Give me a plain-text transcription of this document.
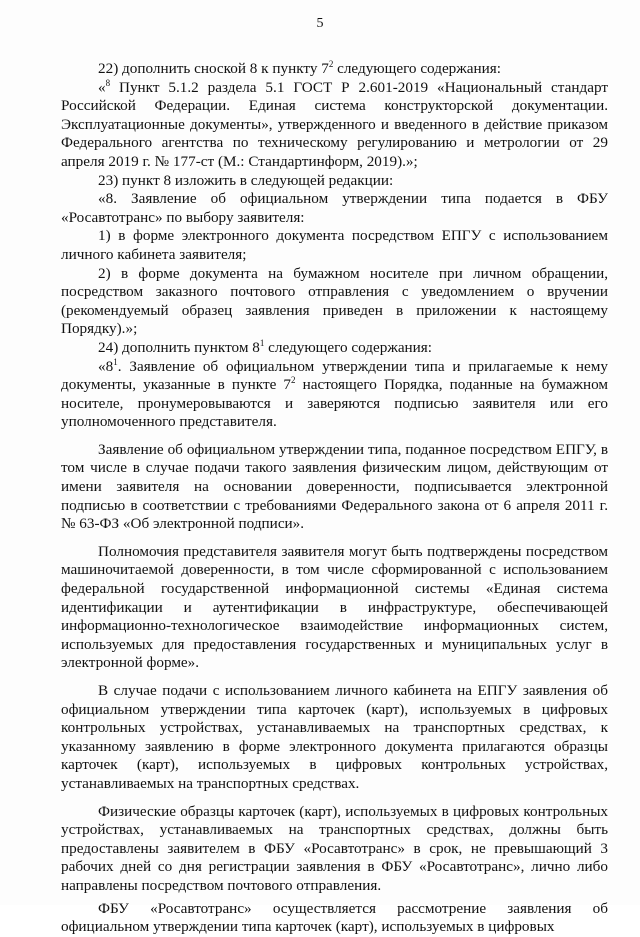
5

22) дополнить сноской 8 к пункту $7^2$ следующего содержания:

«$^8$ Пункт 5.1.2 раздела 5.1 ГОСТ Р 2.601-2019 «Национальный стандарт Российской Федерации. Единая система конструкторской документации. Эксплуатационные документы», утвержденного и введенного в действие приказом Федерального агентства по техническому регулированию и метрологии от 29 апреля 2019 г. № 177-ст (М.: Стандартинформ, 2019).»;

23) пункт 8 изложить в следующей редакции:

«8. Заявление об официальном утверждении типа подается в ФБУ «Росавтотранс» по выбору заявителя:

1) в форме электронного документа посредством ЕПГУ с использованием личного кабинета заявителя;

2) в форме документа на бумажном носителе при личном обращении, посредством заказного почтового отправления с уведомлением о вручении (рекомендуемый образец заявления приведен в приложении к настоящему Порядку).»;

24) дополнить пунктом $8^1$ следующего содержания:

«$8^1$. Заявление об официальном утверждении типа и прилагаемые к нему документы, указанные в пункте $7^2$ настоящего Порядка, поданные на бумажном носителе, пронумеровываются и заверяются подписью заявителя или его уполномоченного представителя.

Заявление об официальном утверждении типа, поданное посредством ЕПГУ, в том числе в случае подачи такого заявления физическим лицом, действующим от имени заявителя на основании доверенности, подписывается электронной подписью в соответствии с требованиями Федерального закона от 6 апреля 2011 г. № 63-ФЗ «Об электронной подписи».

Полномочия представителя заявителя могут быть подтверждены посредством машиночитаемой доверенности, в том числе сформированной с использованием федеральной государственной информационной системы «Единая система идентификации и аутентификации в инфраструктуре, обеспечивающей информационно-технологическое взаимодействие информационных систем, используемых для предоставления государственных и муниципальных услуг в электронной форме».

В случае подачи с использованием личного кабинета на ЕПГУ заявления об официальном утверждении типа карточек (карт), используемых в цифровых контрольных устройствах, устанавливаемых на транспортных средствах, к указанному заявлению в форме электронного документа прилагаются образцы карточек (карт), используемых в цифровых контрольных устройствах, устанавливаемых на транспортных средствах.

Физические образцы карточек (карт), используемых в цифровых контрольных устройствах, устанавливаемых на транспортных средствах, должны быть предоставлены заявителем в ФБУ «Росавтотранс» в срок, не превышающий 3 рабочих дней со дня регистрации заявления в ФБУ «Росавтотранс», лично либо направлены посредством почтового отправления.

ФБУ «Росавтотранс» осуществляется рассмотрение заявления об официальном утверждении типа карточек (карт), используемых в цифровых
